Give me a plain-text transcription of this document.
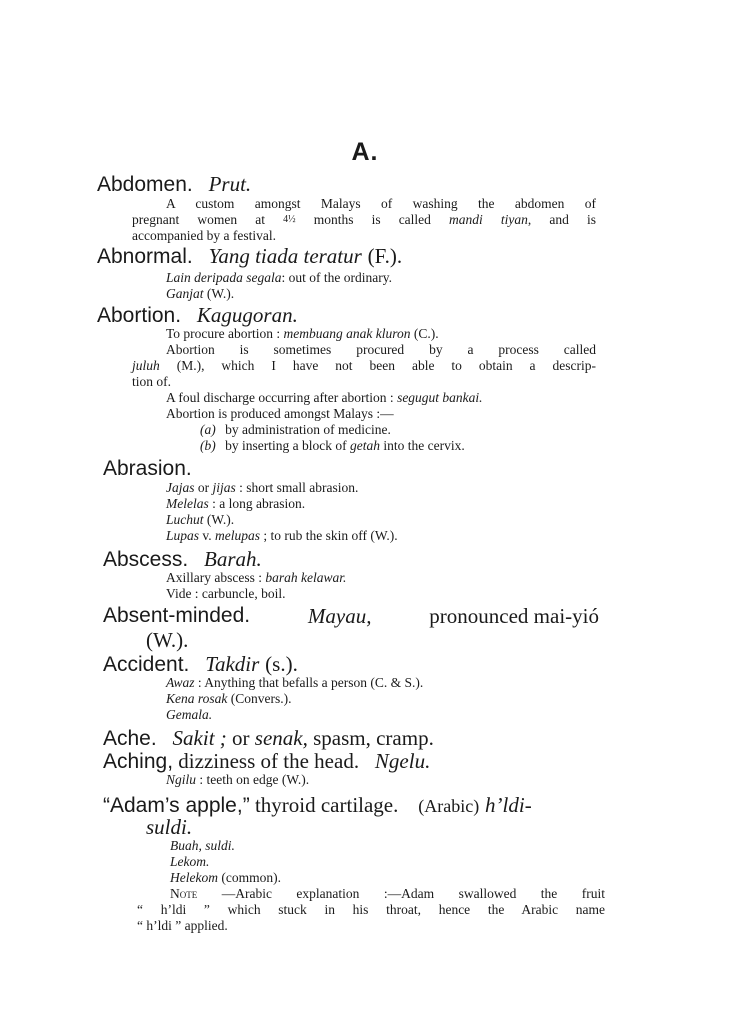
A.
Abdomen. Prut.
A custom amongst Malays of washing the abdomen of
pregnant women at 4½ months is called mandi tiyan, and is
accompanied by a festival.
Abnormal. Yang tiada teratur (F.).
Lain deripada segala: out of the ordinary.
Ganjat (W.).
Abortion. Kagugoran.
To procure abortion : membuang anak kluron (C.).
Abortion is sometimes procured by a process called
juluh (M.), which I have not been able to obtain a descrip-
tion of.
A foul discharge occurring after abortion : segugut bankai.
Abortion is produced amongst Malays :—
(a) by administration of medicine.
(b) by inserting a block of getah into the cervix.
Abrasion.
Jajas or jijas : short small abrasion.
Melelas : a long abrasion.
Luchut (W.).
Lupas v. melupas ; to rub the skin off (W.).
Abscess. Barah.
Axillary abscess : barah kelawar.
Vide : carbuncle, boil.
Absent-minded.	Mayau,	pronounced mai-yió
(W.).
Accident. Takdir (s.).
Awaz : Anything that befalls a person (C. & S.).
Kena rosak (Convers.).
Gemala.
Ache. Sakit ; or senak, spasm, cramp.
Aching, dizziness of the head. Ngelu.
Ngilu : teeth on edge (W.).
“Adam’s apple,” thyroid cartilage. (Arabic) h’ldi-
suldi.
Buah, suldi.
Lekom.
Helekom (common).
Note —Arabic explanation :—Adam swallowed the fruit
“ h’ldi ” which stuck in his throat, hence the Arabic name
“ h’ldi ” applied.
